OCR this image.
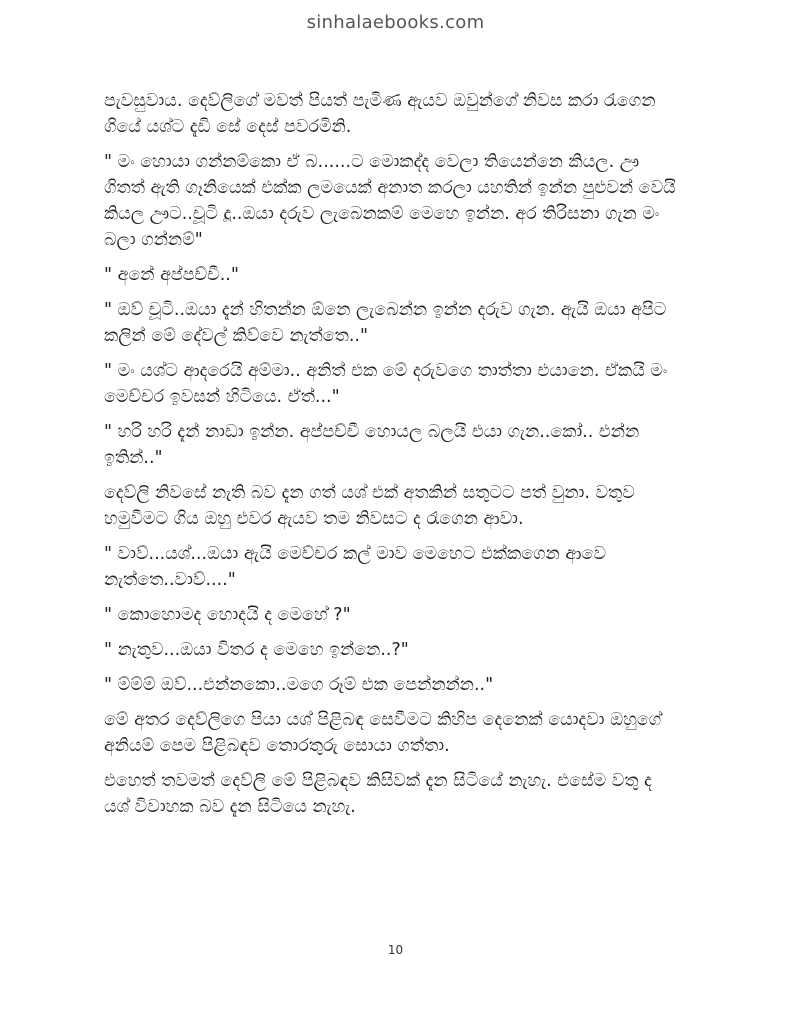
sinhalaebooks.com

පැවසුවාය. දෙව්ලිගේ මවත් පියත් පැමිණ ඇයව ඔවුන්ගේ නිවස කරා රැගෙන ගියේ යශ්ට දැඩි සේ දෙස් පවරමිනි.

" මං හොයා ගන්නම්කො ඒ බ......ට මොකද්ද වෙලා තියෙන්නෙ කියල. ඌ ගිතත් ඇති ගෑනියෙක් එක්ක ලමයෙක් අනාත කරලා යහතින් ඉන්න පුළුවන් වෙයි කියල ඌට..චූටි දූ..ඔයා දරුව ලැබෙනකම් මෙහෙ ඉන්න. අර තිරිසනා ගැන මං බලා ගන්නම්"

" අනේ අප්පච්චී.."

" ඔව් චූටි..ඔයා දැන් හිතන්න ඕනෙ ලැබෙන්න ඉන්න දරුව ගැන. ඇයි ඔයා අපිට කලින් මේ දේවල් කිව්වෙ නැත්තෙ.."

" මං යශ්ට ආදරෙයි අම්මා.. අනිත් එක මේ දරුවගෙ තාත්තා එයානෙ. ඒකයි මං මෙච්චර ඉවසන් හිටියෙ. ඒත්..."

" හරි හරි දැන් නාඩා ඉන්න. අප්පච්චී හොයල බලයි එයා ගැන..කෝ.. එන්න ඉතින්.."

දෙව්ලි නිවසේ නැති බව දැන ගත් යශ් එක් අතකින් සතුටට පත් වුනා. වතුව හමුවීමට ගිය ඔහු එවර ඇයව තම නිවසට ද රැගෙන ආවා.

" වාව්...යශ්...ඔයා ඇයි මෙච්චර කල් මාව මෙහෙට එක්කගෙන ආවෙ නැත්තෙ..වාව්...."

" කොහොමද හොදයි ද මෙහේ ?"

" නැතුව...ඔයා විතර ද මෙහෙ ඉන්නෙ..?"

" ම්ම්ම් ඔව්...එන්නකො..මගෙ රූම් එක පෙන්නන්න.."

මේ අතර දෙව්ලිගෙ පියා යශ් පිළිබඳ සෙවීමට කිහිප දෙනෙක් යොදවා ඔහුගේ අනියම් පෙම පිළිබඳව තොරතුරු සොයා ගත්තා.

එහෙත් තවමත් දෙව්ලි මේ පිළිබඳව කිසිවක් දැන සිටියේ නැහැ. එසේම වතු ද යශ් විවාහක බව දැන සිටියෙ නැහැ.

10
